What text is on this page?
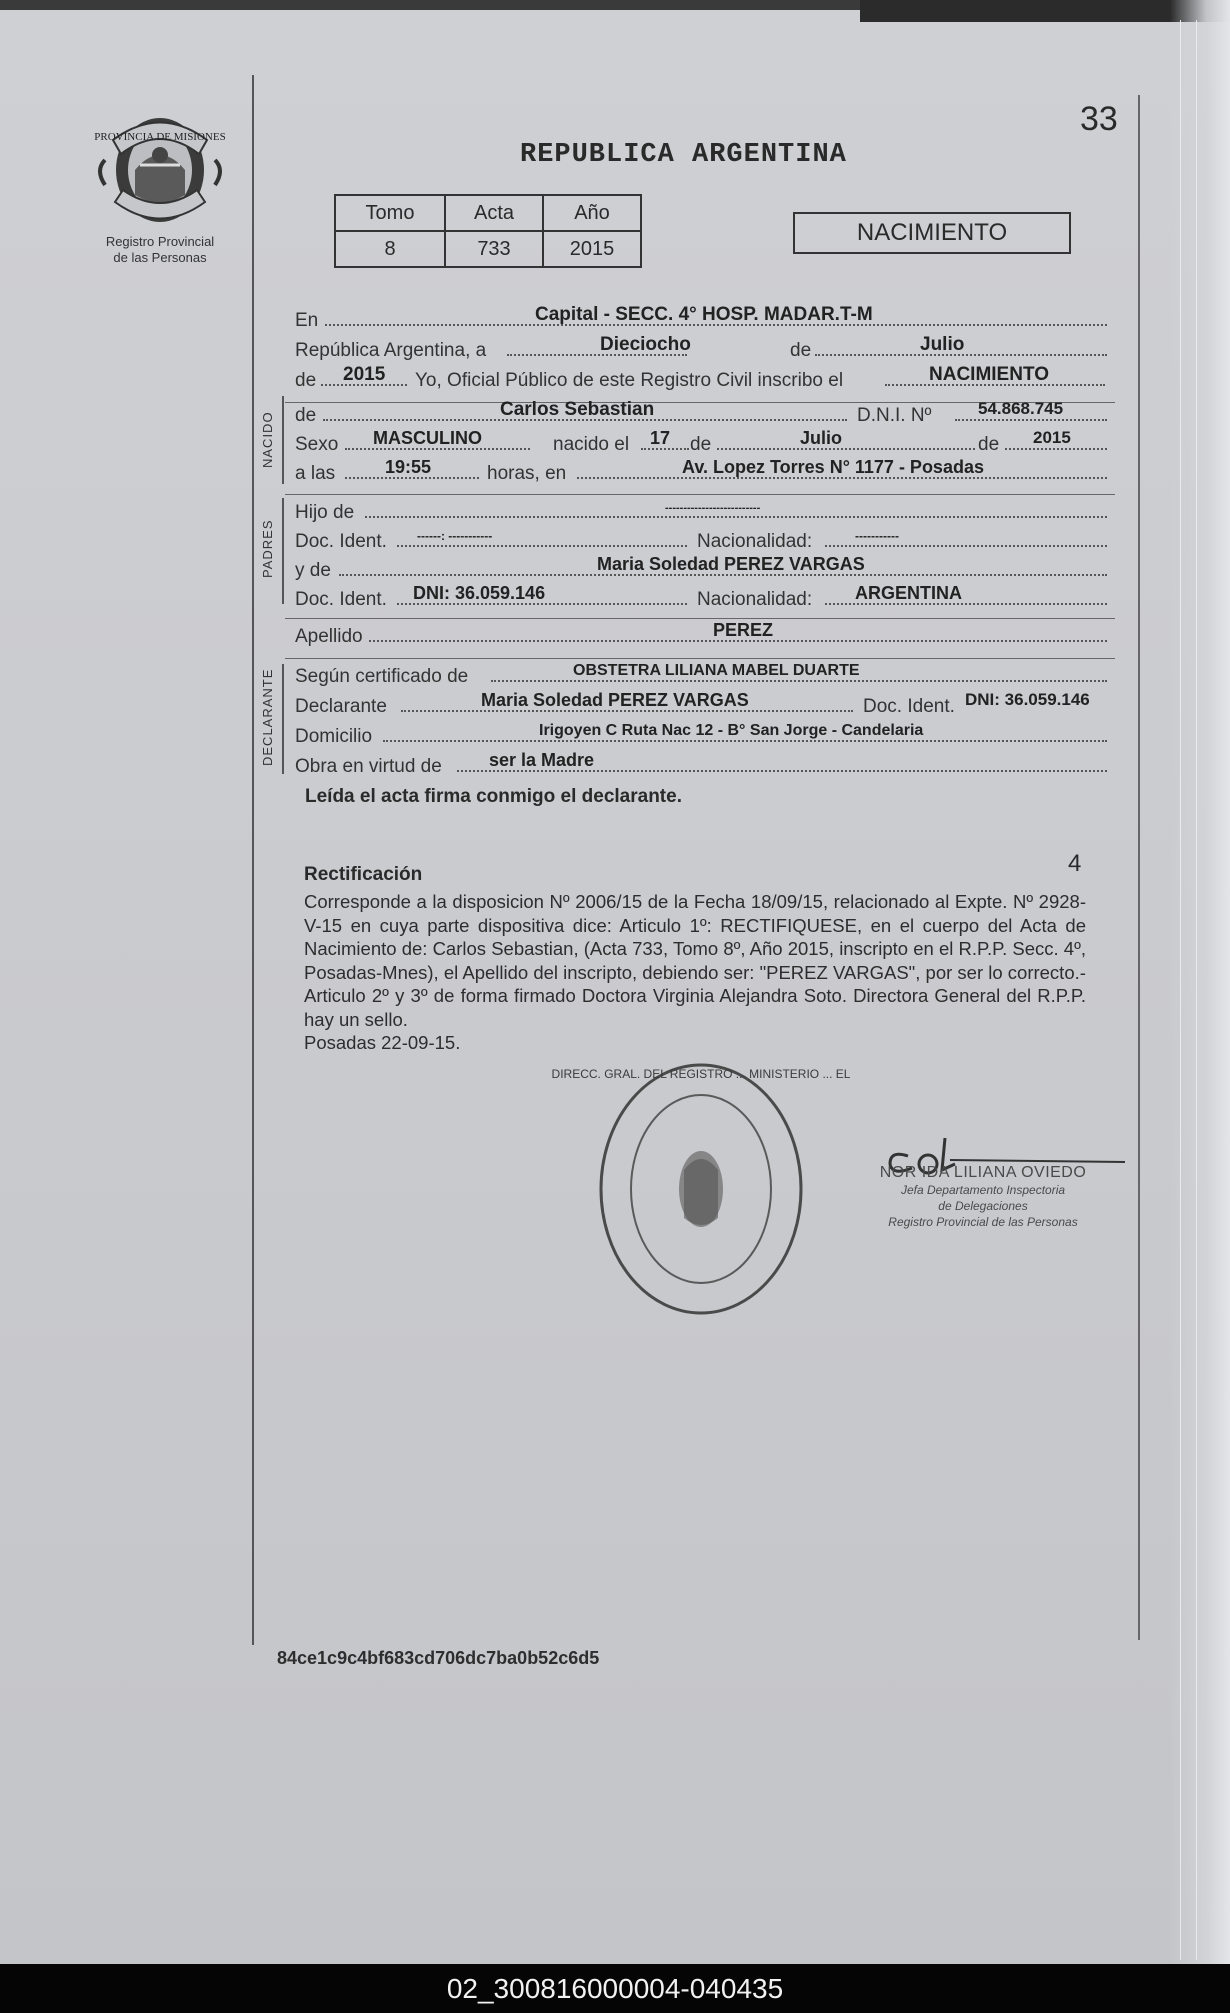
PROVINCIA DE MISIONES
Registro Provincial
de las Personas
33
REPUBLICA ARGENTINA
Tomo	Acta	Año
8	733	2015
NACIMIENTO
En	Capital - SECC. 4° HOSP. MADAR.T-M
República Argentina, a	Dieciocho	de	Julio
de 2015 Yo, Oficial Público de este Registro Civil inscribo el	NACIMIENTO
NACIDO de	Carlos Sebastian	D.N.I. Nº	54.868.745
Sexo MASCULINO	nacido el 17 de	Julio	de 2015
a las	19:55	horas, en	Av. Lopez Torres N° 1177 - Posadas
PADRES
Hijo de	--------------------------
Doc. Ident.	------: -----------	Nacionalidad:	-----------
y de	Maria Soledad PEREZ VARGAS
Doc. Ident. DNI: 36.059.146	Nacionalidad: ARGENTINA
Apellido	PEREZ
DECLARANTE Según certificado de	OBSTETRA LILIANA MABEL DUARTE
Declarante	Maria Soledad PEREZ VARGAS	Doc. Ident. DNI: 36.059.146
Domicilio	Irigoyen C Ruta Nac 12 - B° San Jorge - Candelaria
Obra en virtud de	ser la Madre
Leída el acta firma conmigo el declarante.
4
Rectificación

Corresponde a la disposicion Nº 2006/15 de la Fecha 18/09/15, relacionado al Expte. Nº 2928-V-15 en cuya parte dispositiva dice: Articulo 1º: RECTIFIQUESE, en el cuerpo del Acta de Nacimiento de: Carlos Sebastian, (Acta 733, Tomo 8º, Año 2015, inscripto en el R.P.P. Secc. 4º, Posadas-Mnes), el Apellido del inscripto, debiendo ser: "PEREZ VARGAS", por ser lo correcto.-

Articulo 2º y 3º de forma firmado Doctora Virginia Alejandra Soto. Directora General del R.P.P. hay un sello.

Posadas 22-09-15.

DIRECC. GRAL. DEL REGISTRO ... MINISTERIO ... EL
NOR IDA LILIANA OVIEDO
Jefa Departamento Inspectoria
de Delegaciones
Registro Provincial de las Personas
84ce1c9c4bf683cd706dc7ba0b52c6d5
02_300816000004-040435
